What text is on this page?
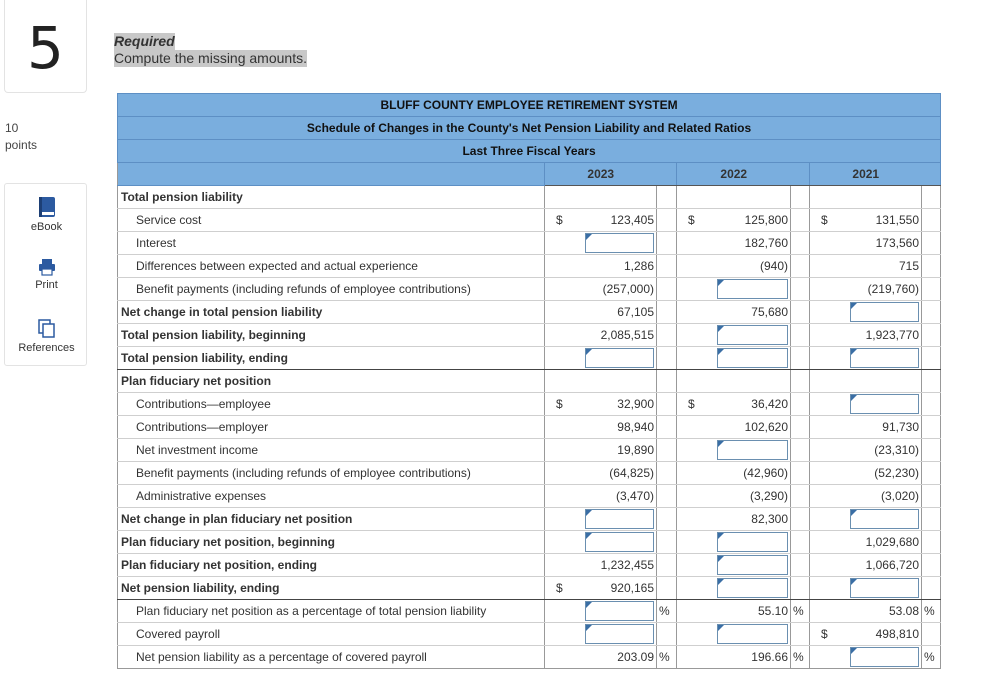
5
10
points
eBook
Print
References
Required
Compute the missing amounts.
BLUFF COUNTY EMPLOYEE RETIREMENT SYSTEM									
Schedule of Changes in the County's Net Pension Liability and Related Ratios									
Last Three Fiscal Years									
	2023			2022			2021		
Total pension liability									
Service cost	$	123,405		$	125,800		$	131,550	
Interest					182,760			173,560	
Differences between expected and actual experience		1,286			(940)			715	
Benefit payments (including refunds of employee contributions)		(257,000)						(219,760)	
Net change in total pension liability		67,105			75,680			

Total pension liability, beginning		2,085,515						1,923,770	
Total pension liability, ending		

Plan fiduciary net position									
Contributions—employee	$	32,900		$	36,420			

Contributions—employer		98,940			102,620			91,730	
Net investment income		19,890						(23,310)	
Benefit payments (including refunds of employee contributions)		(64,825)			(42,960)			(52,230)	
Administrative expenses		(3,470)			(3,290)			(3,020)	
Net change in plan fiduciary net position					82,300			

Plan fiduciary net position, beginning								1,029,680	
Plan fiduciary net position, ending		1,232,455						1,066,720	
Net pension liability, ending	$	920,165			

Plan fiduciary net position as a percentage of total pension liability			%		55.10	%		53.08	%
Covered payroll							$	498,810	
Net pension liability as a percentage of covered payroll		203.09	%		196.66	%			%
